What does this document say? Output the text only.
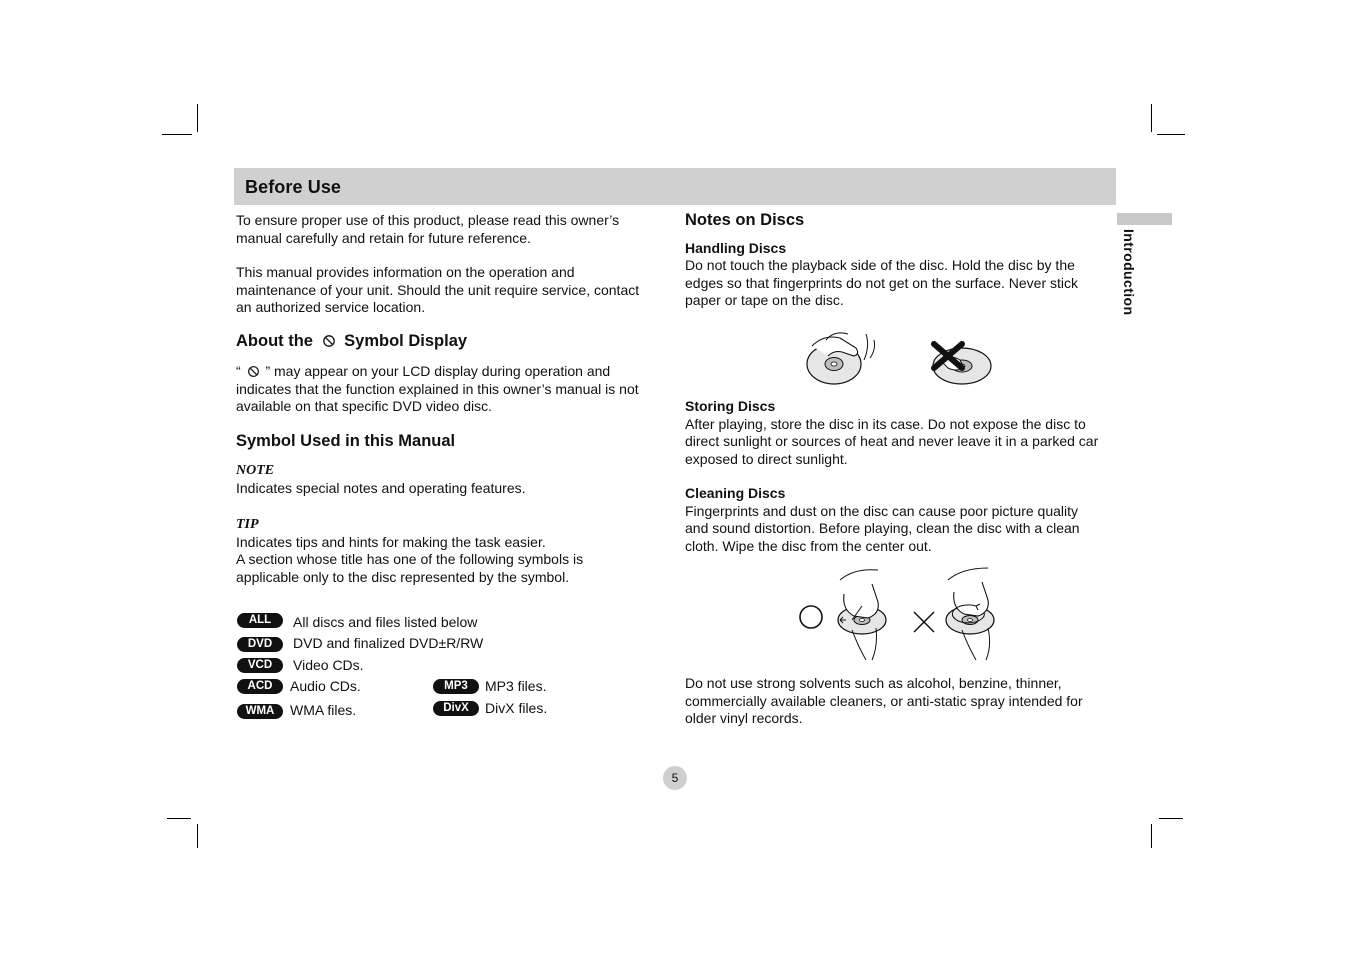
Before Use
Introduction

To ensure proper use of this product, please read this owner’s manual carefully and retain for future reference.

This manual provides information on the operation and maintenance of your unit. Should the unit require service, contact an authorized service location.

About the Symbol Display

“ ” may appear on your LCD display during operation and indicates that the function explained in this owner’s manual is not available on that specific DVD video disc.

Symbol Used in this Manual
NOTE

Indicates special notes and operating features.

TIP

Indicates tips and hints for making the task easier.

A section whose title has one of the following symbols is applicable only to the disc represented by the symbol.

ALL	All discs and files listed below
DVD	DVD and finalized DVD±R/RW
VCD	Video CDs.
ACD	Audio CDs.
WMA	WMA files.
MP3	MP3 files.
DivX	DivX files.
Notes on Discs
Handling Discs

Do not touch the playback side of the disc. Hold the disc by the edges so that fingerprints do not get on the surface. Never stick paper or tape on the disc.

Storing Discs

After playing, store the disc in its case. Do not expose the disc to direct sunlight or sources of heat and never leave it in a parked car exposed to direct sunlight.

Cleaning Discs

Fingerprints and dust on the disc can cause poor picture quality and sound distortion. Before playing, clean the disc with a clean cloth. Wipe the disc from the center out.

Do not use strong solvents such as alcohol, benzine, thinner, commercially available cleaners, or anti-static spray intended for older vinyl records.

5
